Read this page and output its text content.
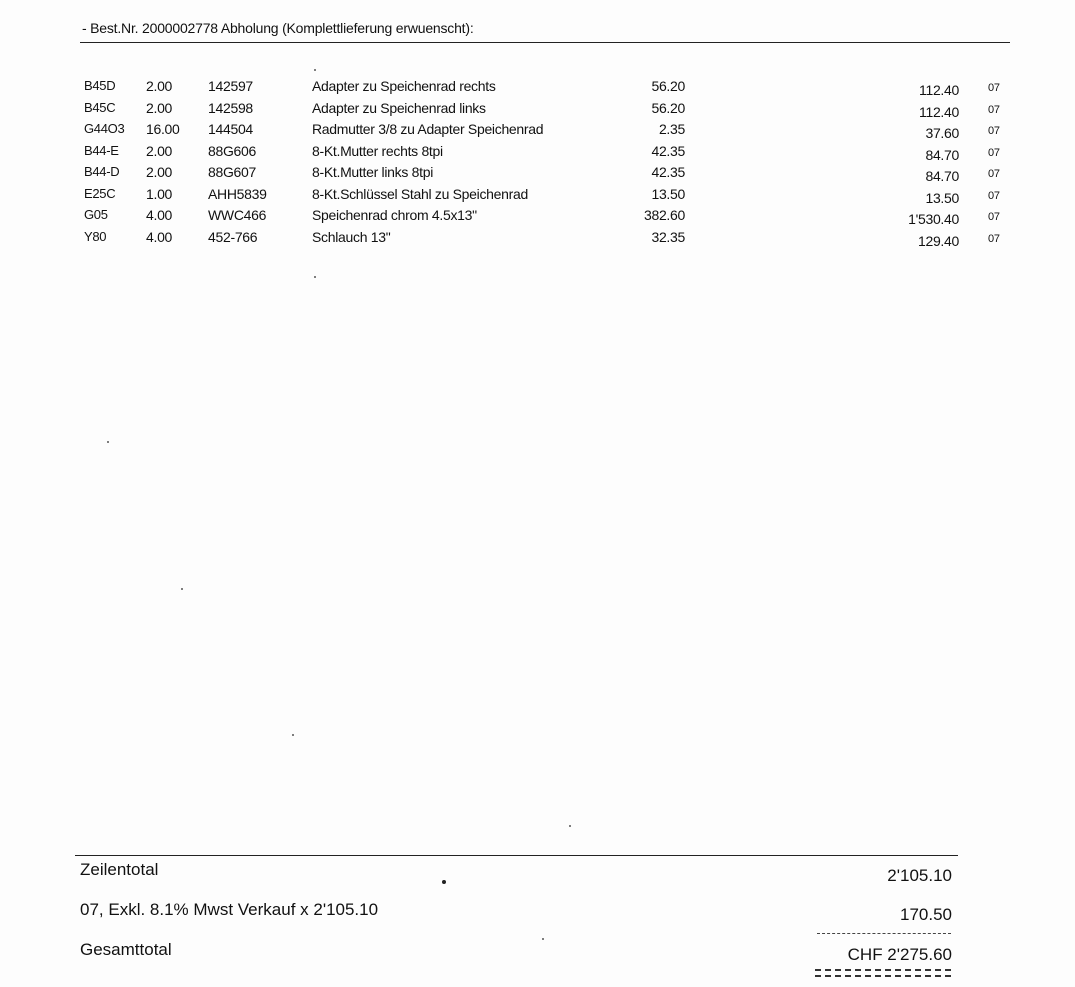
- Best.Nr. 2000002778 Abholung (Komplettlieferung erwuenscht):
B45D 2.00	142597	Adapter zu Speichenrad rechts	56.20	112.40	07
B45C 2.00	142598	Adapter zu Speichenrad links	56.20	112.40	07
G44O3 16.00 144504	Radmutter 3/8 zu Adapter Speichenrad	2.35	37.60	07
B44-E 2.00	88G606	8-Kt.Mutter rechts 8tpi	42.35	84.70	07
B44-D 2.00	88G607	8-Kt.Mutter links 8tpi	42.35	84.70	07
E25C 1.00	AHH5839	8-Kt.Schlüssel Stahl zu Speichenrad	13.50	13.50	07
G05	4.00	WWC466	Speichenrad chrom 4.5x13"	382.60	1'530.40	07
Y80	4.00	452-766	Schlauch 13"	32.35	129.40	07
Zeilentotal	2'105.10
07, Exkl. 8.1% Mwst Verkauf x 2'105.10	170.50
Gesamttotal	CHF 2'275.60
